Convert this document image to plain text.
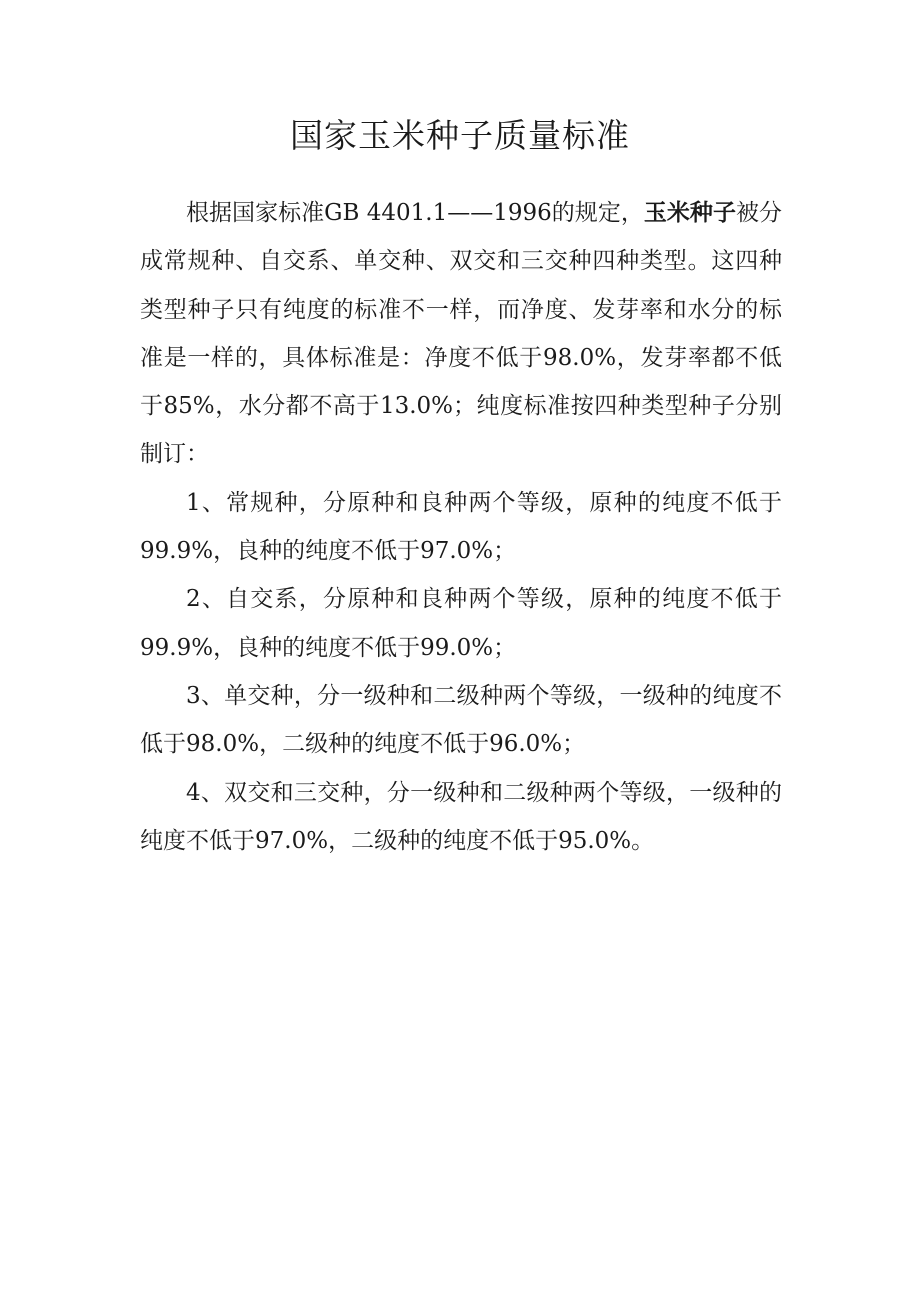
国家玉米种子质量标准

根据国家标准GB 4401.1——1996的规定，玉米种子被分成常规种、自交系、单交种、双交和三交种四种类型。这四种类型种子只有纯度的标准不一样，而净度、发芽率和水分的标准是一样的，具体标准是：净度不低于98.0%，发芽率都不低于85%，水分都不高于13.0%；纯度标准按四种类型种子分别制订：

1、常规种，分原种和良种两个等级，原种的纯度不低于99.9%，良种的纯度不低于97.0%；

2、自交系，分原种和良种两个等级，原种的纯度不低于99.9%，良种的纯度不低于99.0%；

3、单交种，分一级种和二级种两个等级，一级种的纯度不低于98.0%，二级种的纯度不低于96.0%；

4、双交和三交种，分一级种和二级种两个等级，一级种的纯度不低于97.0%，二级种的纯度不低于95.0%。
